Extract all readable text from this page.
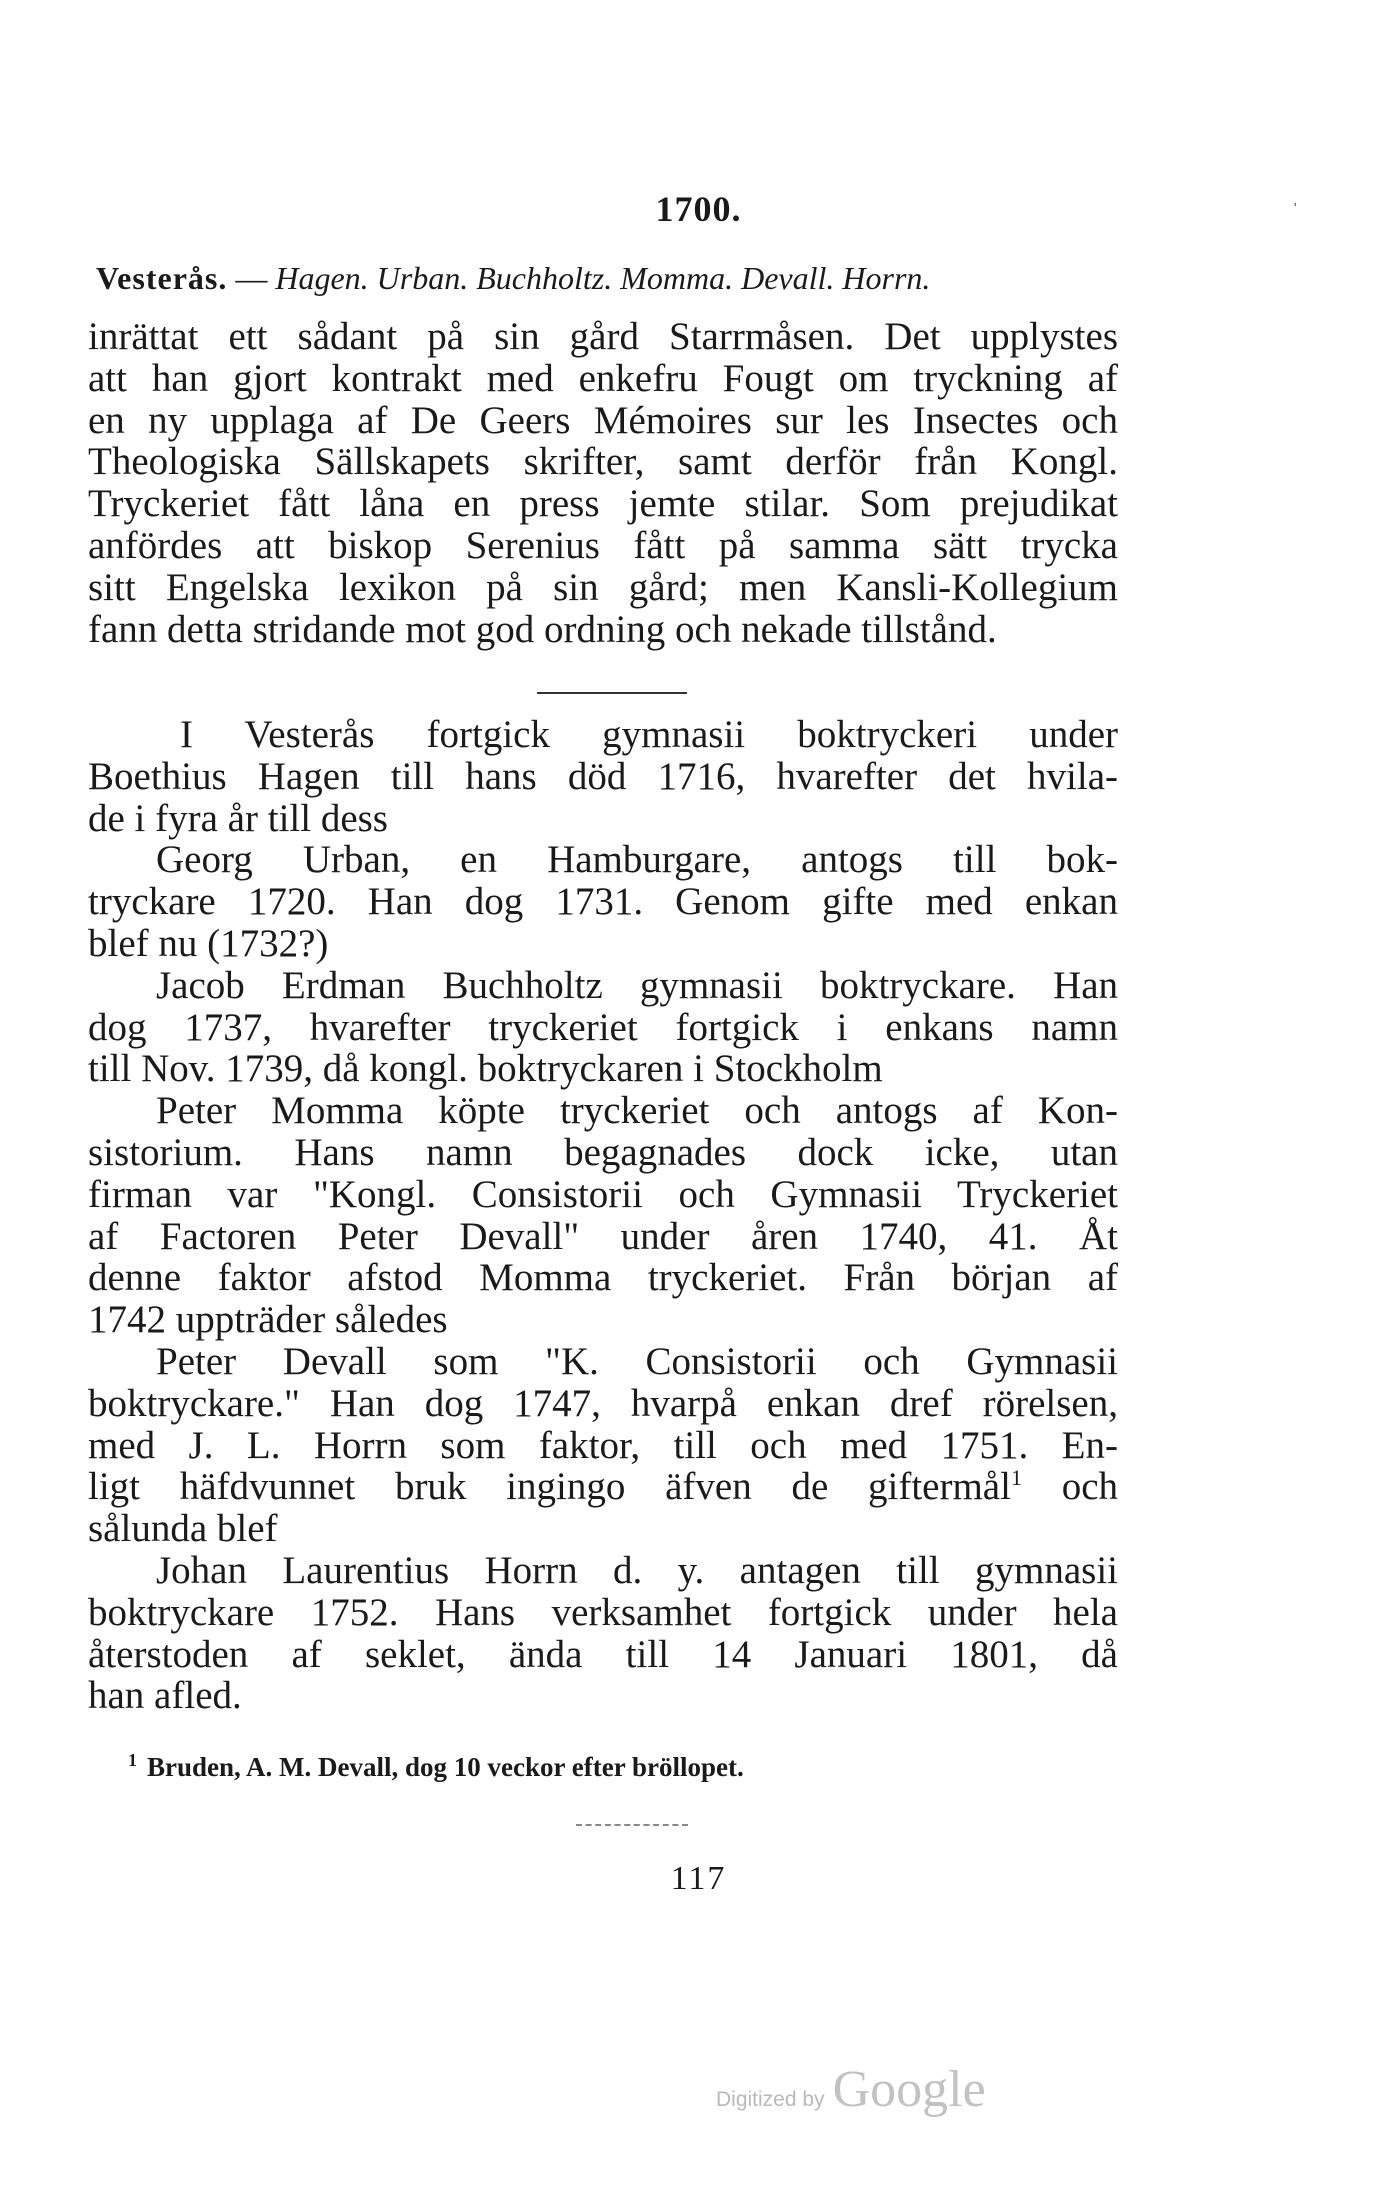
1700.	ˈ
Vesterås. — Hagen. Urban. Buchholtz. Momma. Devall. Horrn.
inrättat ett sådant på sin gård Starrmåsen. Det upplystes
att han gjort kontrakt med enkefru Fougt om tryckning af
en ny upplaga af De Geers Mémoires sur les Insectes och
Theologiska Sällskapets skrifter, samt derför från Kongl.
Tryckeriet fått låna en press jemte stilar. Som prejudikat
anfördes att biskop Serenius fått på samma sätt trycka
sitt Engelska lexikon på sin gård; men Kansli-Kollegium
fann detta stridande mot god ordning och nekade tillstånd.
I Vesterås fortgick gymnasii boktryckeri under
Boethius Hagen till hans död 1716, hvarefter det hvila-
de i fyra år till dess
Georg Urban, en Hamburgare, antogs till bok-
tryckare 1720. Han dog 1731. Genom gifte med enkan
blef nu (1732?)
Jacob Erdman Buchholtz gymnasii boktryckare. Han
dog 1737, hvarefter tryckeriet fortgick i enkans namn
till Nov. 1739, då kongl. boktryckaren i Stockholm
Peter Momma köpte tryckeriet och antogs af Kon-
sistorium. Hans namn begagnades dock icke, utan
firman var "Kongl. Consistorii och Gymnasii Tryckeriet
af Factoren Peter Devall" under åren 1740, 41. Åt
denne faktor afstod Momma tryckeriet. Från början af
1742 uppträder således
Peter Devall som "K. Consistorii och Gymnasii
boktryckare." Han dog 1747, hvarpå enkan dref rörelsen,
med J. L. Horrn som faktor, till och med 1751. En-
ligt häfdvunnet bruk ingingo äfven de giftermål$^1$ och
sålunda blef
Johan Laurentius Horrn d. y. antagen till gymnasii
boktryckare 1752. Hans verksamhet fortgick under hela
återstoden af seklet, ända till 14 Januari 1801, då
han afled.
$^1$ Bruden, A. M. Devall, dog 10 veckor efter bröllopet.
117
Digitized by Google
